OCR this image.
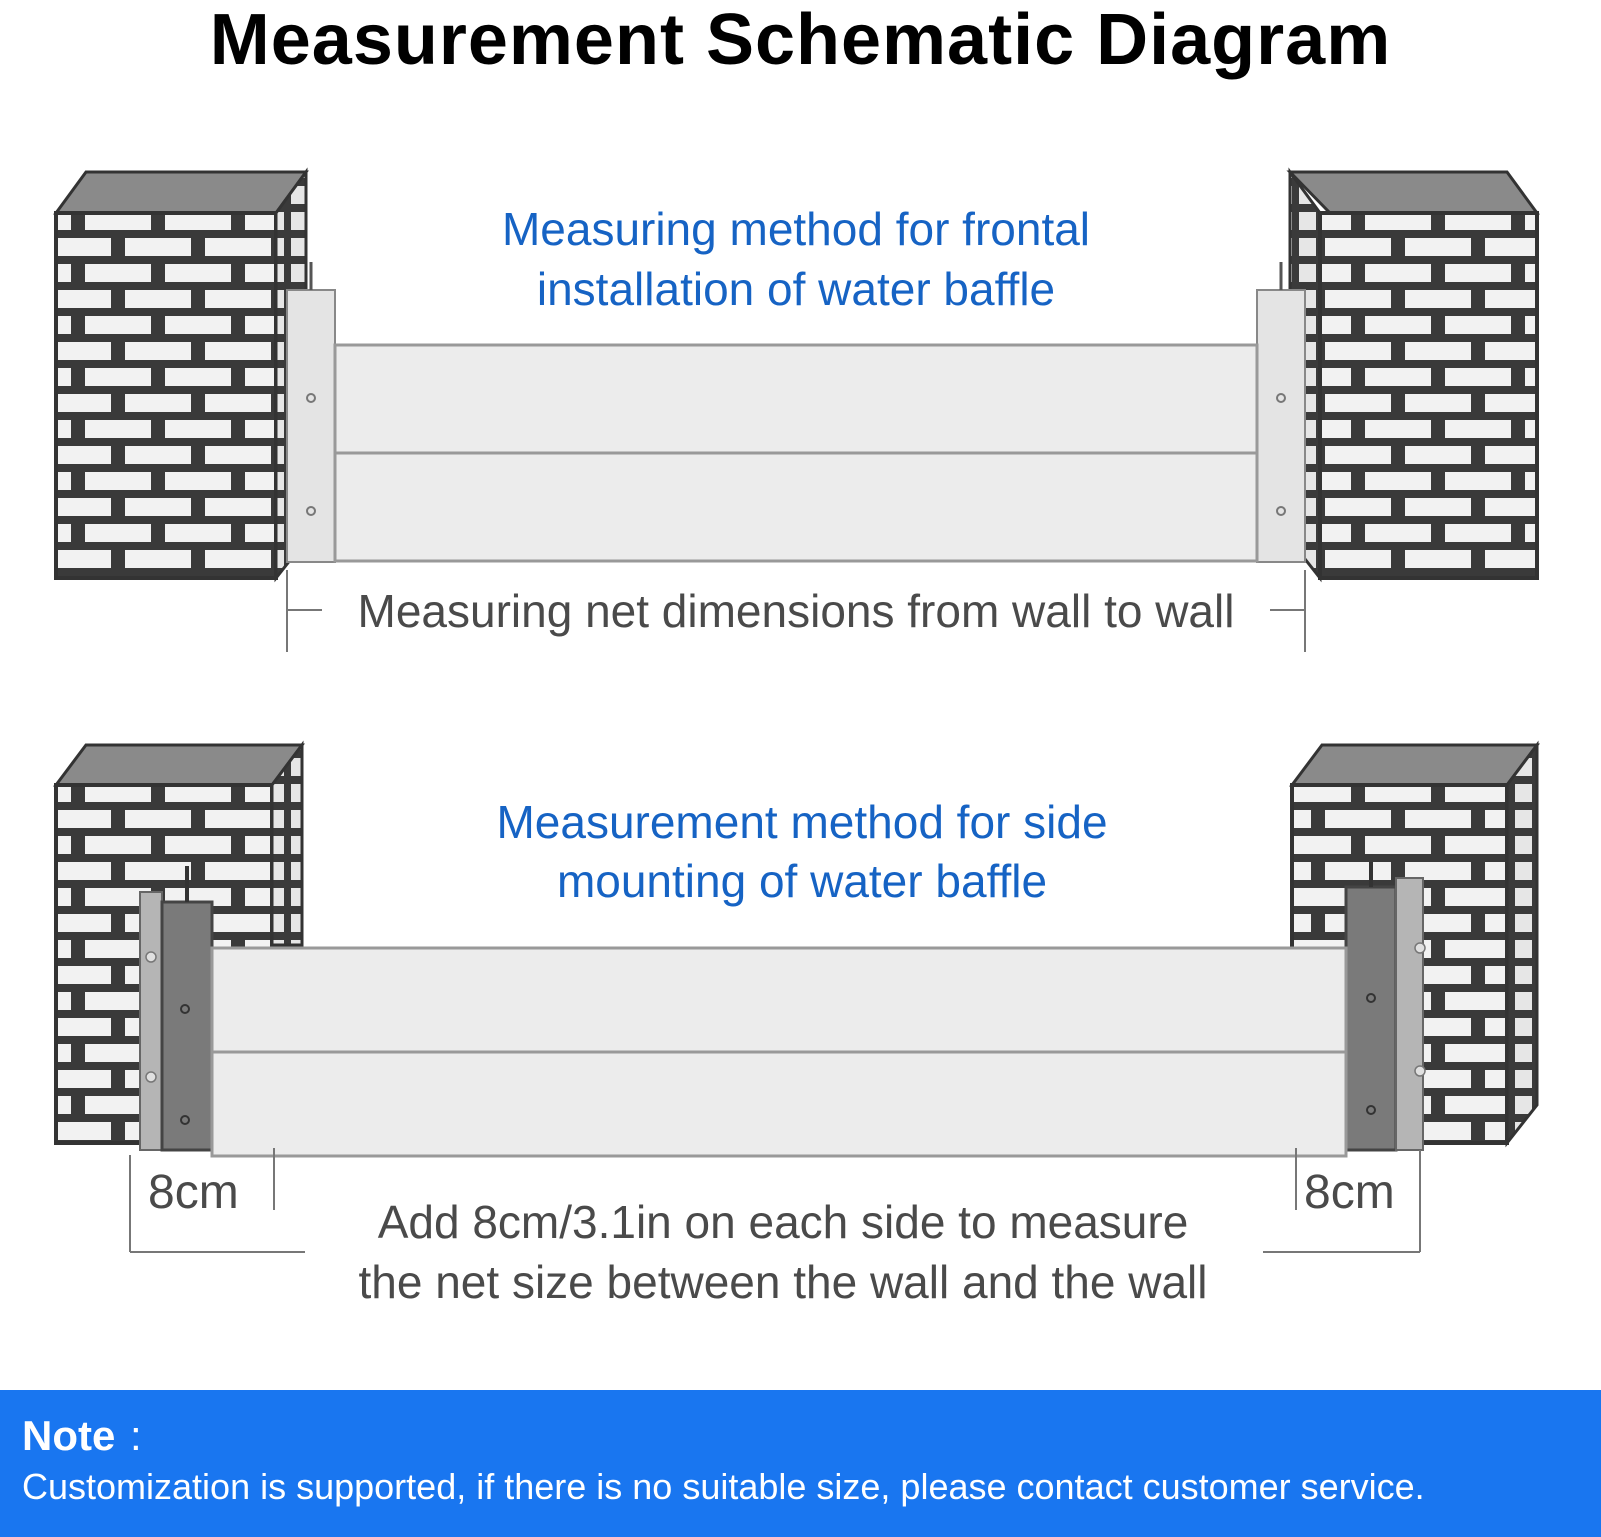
Measurement Schematic Diagram
Measuring method for frontal
installation of water baffle
Measuring net dimensions from wall to wall
Measurement method for side
mounting of water baffle
8cm	8cm
Add 8cm/3.1in on each side to measure
the net size between the wall and the wall
Note :
Customization is supported, if there is no suitable size, please contact customer service.
